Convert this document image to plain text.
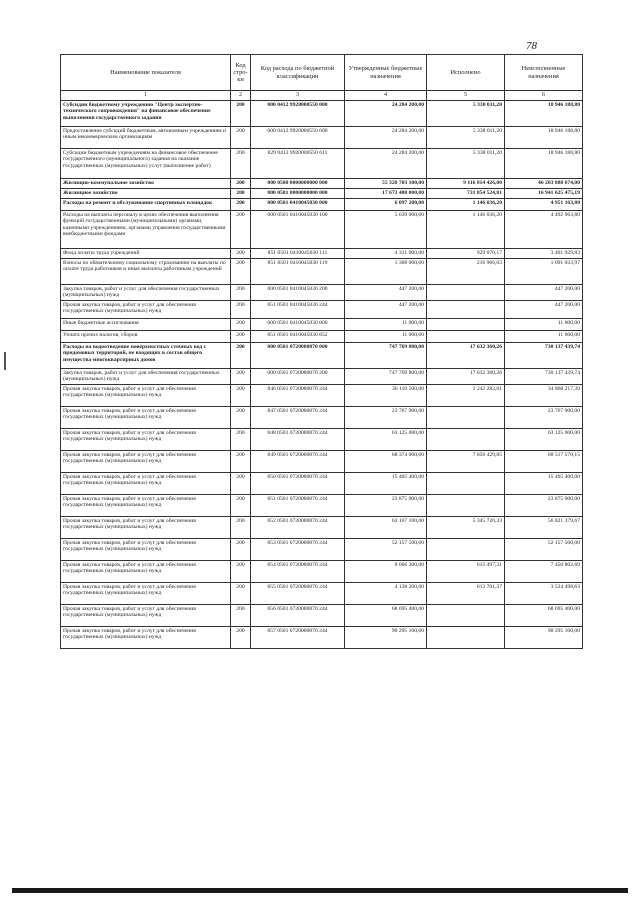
78
Наименование показателя	Код стро-ки	Код расхода по бюджетной классификации	Утвержденные бюджетные назначения	Исполнено	Неисполненные назначения
1	2	3	4	5	6
Субсидии бюджетному учреждению "Центр экспертно-технического сопровождения" на финансовое обеспечение выполнения государственного задания	200	000 0412 9920000550 000	24 284 200,00	5 338 011,20	18 946 188,80
Предоставление субсидий бюджетным, автономным учреждениям и иным некоммерческим организациям	200	000 0412 9920000550 600	24 284 200,00	5 338 011,20	18 946 188,80
Субсидии бюджетным учреждениям на финансовое обеспечение государственного (муниципального) задания на оказание государственных (муниципальных) услуг (выполнение работ)	200	829 0412 9920000550 611	24 284 200,00	5 338 011,20	18 946 188,80
Жилищно-коммунальное хозяйство	200	000 0500 0000000000 000	55 320 703 100,00	9 116 814 426,00	46 203 888 674,00
Жилищное хозяйство	200	000 0501 0000000000 000	17 673 480 000,00	731 854 524,81	16 941 625 475,19
Расходы на ремонт и обслуживание спортивных площадок	200	000 0501 0410045030 000	6 097 200,00	1 146 036,20	4 951 163,80
Расходы на выплаты персоналу в целях обеспечения выполнения функций государственными (муниципальными) органами, казенными учреждениями, органами управления государственными внебюджетными фондами	200	000 0501 0410045030 100	5 639 000,00	1 146 036,20	4 492 963,80
Фонд оплаты труда учреждений	200	851 0501 0410045030 111	4 331 000,00	929 070,17	3 401 929,83
Взносы по обязательному социальному страхованию на выплаты по оплате труда работников и иные выплаты работникам учреждений	200	851 0501 0410045030 119	1 308 000,00	216 966,03	1 091 033,97
Закупка товаров, работ и услуг для обеспечения государственных (муниципальных) нужд	200	000 0501 0410045030 200	447 200,00		447 200,00
Прочая закупка товаров, работ и услуг для обеспечения государственных (муниципальных) нужд	200	851 0501 0410045030 244	447 200,00		447 200,00
Иные бюджетные ассигнования	200	000 0501 0410045030 800	11 000,00		11 000,00
Уплата прочих налогов, сборов	200	851 0501 0410045030 852	11 000,00		11 000,00
Расходы на водоотведение поверхностных сточных вод с придомовых территорий, не входящих в состав общего имущества многоквартирных домов	200	000 0501 0720080070 000	747 769 800,00	17 632 360,26	730 137 439,74
Закупка товаров, работ и услуг для обеспечения государственных (муниципальных) нужд	200	000 0501 0720080070 200	747 769 800,00	17 632 360,26	730 137 439,74
Прочая закупка товаров, работ и услуг для обеспечения государственных (муниципальных) нужд	200	846 0501 0720080070 244	36 110 500,00	1 242 282,61	34 868 217,39
Прочая закупка товаров, работ и услуг для обеспечения государственных (муниципальных) нужд	200	847 0501 0720080070 244	23 767 900,00		23 767 900,00
Прочая закупка товаров, работ и услуг для обеспечения государственных (муниципальных) нужд	200	848 0501 0720080070 244	63 125 000,00		63 125 000,00
Прочая закупка товаров, работ и услуг для обеспечения государственных (муниципальных) нужд	200	849 0501 0720080070 244	68 374 000,00	7 856 429,85	60 517 570,15
Прочая закупка товаров, работ и услуг для обеспечения государственных (муниципальных) нужд	200	850 0501 0720080070 244	15 405 400,00		15 405 400,00
Прочая закупка товаров, работ и услуг для обеспечения государственных (муниципальных) нужд	200	851 0501 0720080070 244	23 875 000,00		23 875 000,00
Прочая закупка товаров, работ и услуг для обеспечения государственных (муниципальных) нужд	200	852 0501 0720080070 244	62 167 100,00	5 345 720,33	56 821 379,67
Прочая закупка товаров, работ и услуг для обеспечения государственных (муниципальных) нужд	200	853 0501 0720080070 244	52 157 500,00		52 157 500,00
Прочая закупка товаров, работ и услуг для обеспечения государственных (муниципальных) нужд	200	854 0501 0720080070 244	8 066 300,00	615 497,31	7 450 802,69
Прочая закупка товаров, работ и услуг для обеспечения государственных (муниципальных) нужд	200	855 0501 0720080070 244	4 138 200,00	613 701,37	3 524 498,63
Прочая закупка товаров, работ и услуг для обеспечения государственных (муниципальных) нужд	200	856 0501 0720080070 244	68 695 400,00		68 695 400,00
Прочая закупка товаров, работ и услуг для обеспечения государственных (муниципальных) нужд	200	857 0501 0720080070 244	90 295 100,00		90 295 100,00
